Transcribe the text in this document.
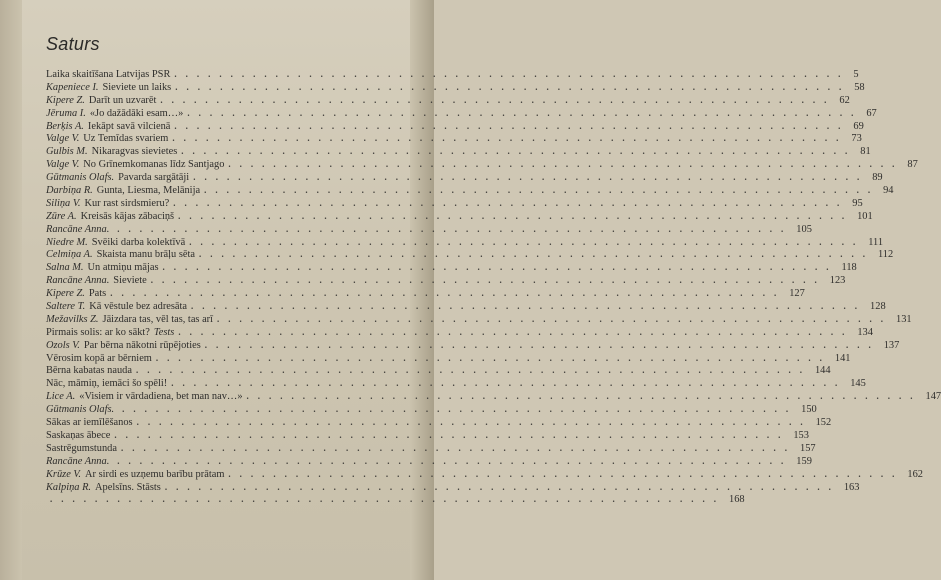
Saturs
Laika skaitīšana Latvijas PSR ............................................................ 5
Kapeniece I. Sieviete un laiks ............................................................ 58
Kipere Z. Darīt un uzvarēt ............................................................ 62
Jēruma I. «Jo dažādāki esam…» ............................................................ 67
Berķis A. Iekāpt savā vilcienā ............................................................ 69
Valge V. Uz Temīdas svariem ............................................................ 73
Gulbis M. Nikaragvas sievietes ............................................................ 81
Valge V. No Grīnemkomanas līdz Santjago ............................................................ 87
Gūtmanis Olafs. Pavarda sargātāji ............................................................ 89
Darbiņa R. Gunta, Liesma, Melānija ............................................................ 94
Siliņa V. Kur rast sirdsmieru? ............................................................ 95
Zūre A. Kreisās kājas zābaciņš ............................................................ 101
Rancāne Anna. ............................................................ 105
Niedre M. Svēiki darba kolektīvā ............................................................ 111
Celmiņa A. Skaista manu brāļu sēta ............................................................ 112
Salna M. Un atmiņu mājas ............................................................ 118
Rancāne Anna. Sieviete ............................................................ 123
Kipere Z. Pats ............................................................ 127
Saltere T. Kā vēstule bez adresāta ............................................................ 128
Mežavilks Z. Jāizdara tas, vēl tas, tas arī ............................................................ 131
Pirmais solis: ar ko sākt? Tests ............................................................ 134
Ozols V. Par bērna nākotni rūpējoties ............................................................ 137
Vērosim kopā ar bērniem ............................................................ 141
Bērna kabatas nauda ............................................................ 144
Nāc, māmiņ, iemāci šo spēli! ............................................................ 145
Lice A. «Visiem ir vārdadiena, bet man nav…» ............................................................ 147
Gūtmanis Olafs. ............................................................ 150
Sākas ar iemīlēšanos ............................................................ 152
Saskaņas ābece ............................................................ 153
Sastrēgumstunda ............................................................ 157
Rancāne Anna. ............................................................ 159
Krūze V. Ar sirdi es uzņemu barību prātam ............................................................ 162
Kalpiņa R. Apelsīns. Stāsts ............................................................ 163
............................................................ 168
